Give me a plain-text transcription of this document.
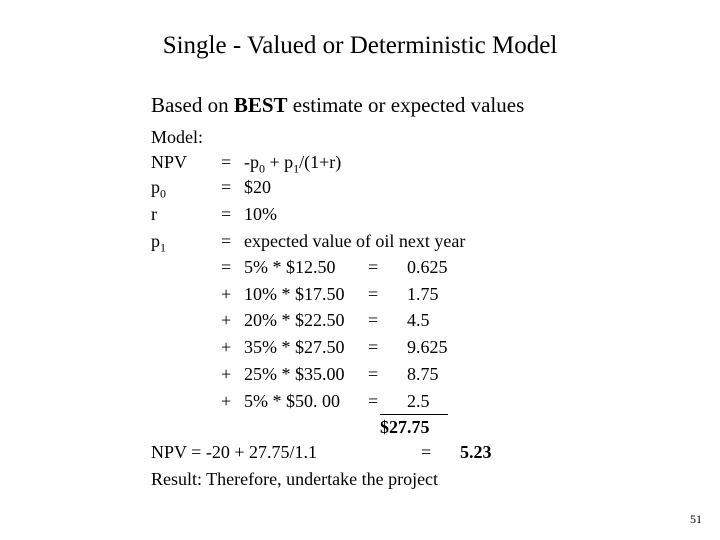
Single - Valued or Deterministic Model
Based on BEST estimate or expected values
Model:
NPV = $-p_0 + p_1/(1+r)$
$p_0$	= $20
r	= 10%
$p_1$	= expected value of oil next year
= 5% * $12.50 = 0.625
+ 10% * $17.50 = 1.75
+ 20% * $22.50 = 4.5
+ 35% * $27.50 = 9.625
+ 25% * $35.00 = 8.75
+ 5% * $50. 00 = 2.5
$27.75
NPV = -20 + 27.75/1.1	= 5.23
Result: Therefore, undertake the project
51
